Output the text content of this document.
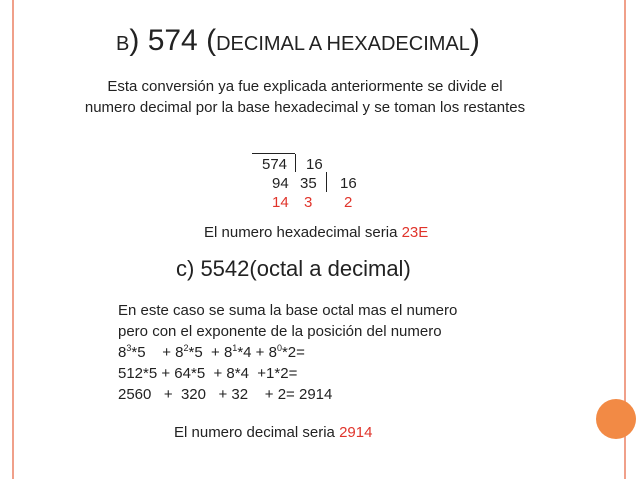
B) 574 (DECIMAL A HEXADECIMAL)
Esta conversión ya fue explicada anteriormente se divide el numero decimal por la base hexadecimal y se toman los restantes
574 16
94 35 16
14 3 2
El numero hexadecimal seria 23E
c) 5542(octal a decimal)
En este caso se suma la base octal mas el numero
pero con el exponente de la posición del numero
$8^3*5$    + $8^2*5 + 8^1*4 + 8^0*2=$
512*5 + 64*5  + 8*4  +1*2=
2560   +  320   + 32    + 2= 2914
El numero decimal seria 2914
